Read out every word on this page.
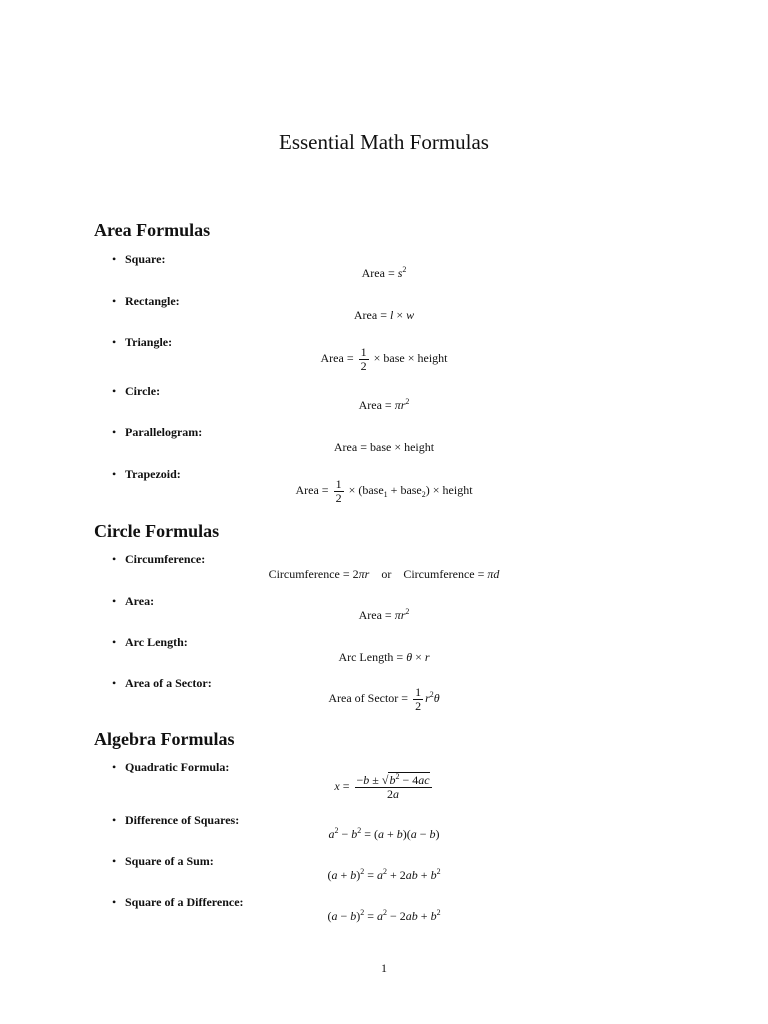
Essential Math Formulas
Area Formulas
• Square:
Area = $s^2$
• Rectangle:
Area = l × w
• Triangle:
Area = $\frac{1}{2}$ × base × height
• Circle:
Area = $\pi r^2$
• Parallelogram:
Area = base × height
• Trapezoid:
Area = $\frac{1}{2}$ × (base$_1$ + base$_2$) × height
Circle Formulas
• Circumference:
Circumference = 2πr or Circumference = πd
• Area:
Area = $\pi r^2$
• Arc Length:
Arc Length = θ × r
• Area of a Sector:
Area of Sector = $\frac{1}{2} r^2\theta$
Algebra Formulas
• Quadratic Formula:
$x = \frac{-b \pm √b^2 - 4ac}{2a}$
• Difference of Squares:
$a^2 - b^2 = (a + b)(a - b)$
• Square of a Sum:
$(a + b)^2 = a^2 + 2ab + b^2$
• Square of a Difference:
$(a - b)^2 = a^2 - 2ab + b^2$
1
